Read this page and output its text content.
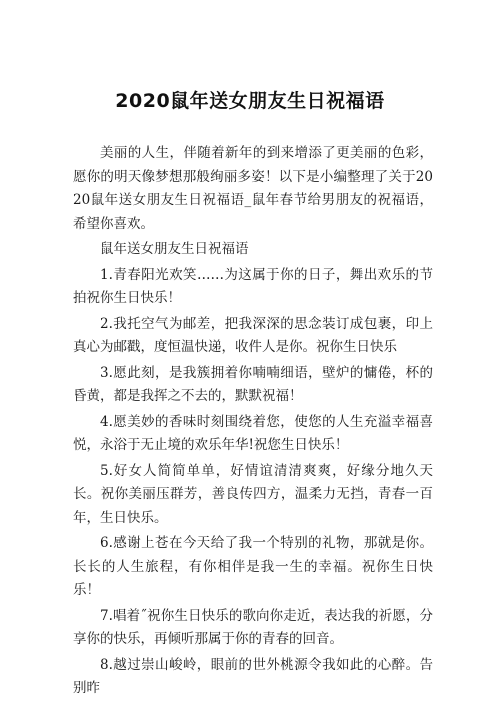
2020鼠年送女朋友生日祝福语

美丽的人生，伴随着新年的到来增添了更美丽的色彩，愿你的明天像梦想那般绚丽多姿！以下是小编整理了关于2020鼠年送女朋友生日祝福语_鼠年春节给男朋友的祝福语，希望你喜欢。

鼠年送女朋友生日祝福语

1.青春阳光欢笑……为这属于你的日子，舞出欢乐的节拍祝你生日快乐！

2.我托空气为邮差，把我深深的思念装订成包裹，印上真心为邮戳，度恒温快递，收件人是你。祝你生日快乐

3.愿此刻，是我簇拥着你喃喃细语，壁炉的慵倦，杯的昏黄，都是我挥之不去的，默默祝福！

4.愿美妙的香味时刻围绕着您，使您的人生充溢幸福喜悦，永浴于无止境的欢乐年华!祝您生日快乐！

5.好女人简简单单，好情谊清清爽爽，好缘分地久天长。祝你美丽压群芳，善良传四方，温柔力无挡，青春一百年，生日快乐。

6.感谢上苍在今天给了我一个特别的礼物，那就是你。长长的人生旅程，有你相伴是我一生的幸福。祝你生日快乐！

7.唱着˝祝你生日快乐的歌向你走近，表达我的祈愿，分享你的快乐，再倾听那属于你的青春的回音。

8.越过崇山峻岭，眼前的世外桃源令我如此的心醉。告别昨
